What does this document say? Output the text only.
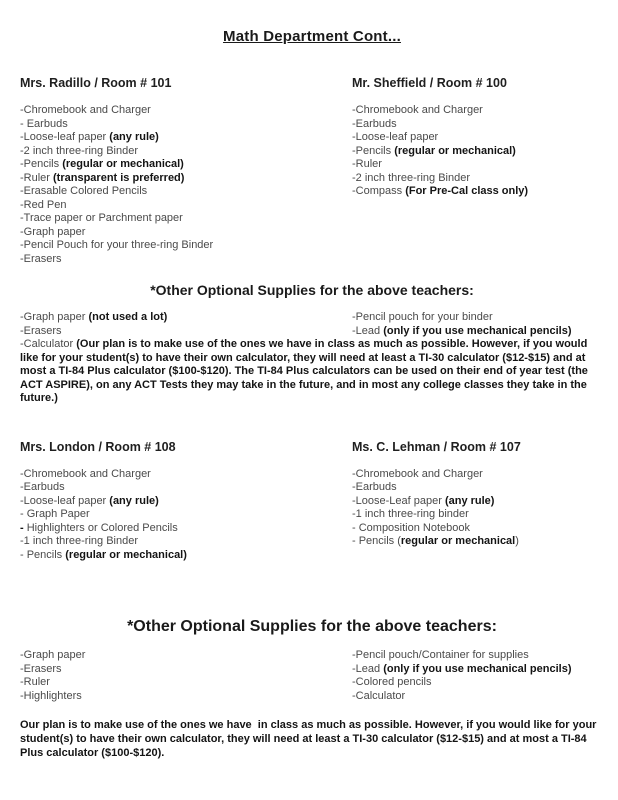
Math Department Cont...
Mrs. Radillo / Room # 101
-Chromebook and Charger
- Earbuds
-Loose-leaf paper (any rule)
-2 inch three-ring Binder
-Pencils (regular or mechanical)
-Ruler (transparent is preferred)
-Erasable Colored Pencils
-Red Pen
-Trace paper or Parchment paper
-Graph paper
-Pencil Pouch for your three-ring Binder
-Erasers
Mr. Sheffield / Room # 100
-Chromebook and Charger
-Earbuds
-Loose-leaf paper
-Pencils (regular or mechanical)
-Ruler
-2 inch three-ring Binder
-Compass (For Pre-Cal class only)
*Other Optional Supplies for the above teachers:
-Graph paper (not used a lot)
-Erasers
-Pencil pouch for your binder
-Lead (only if you use mechanical pencils)

-Calculator (Our plan is to make use of the ones we have in class as much as possible. However, if you would like for your student(s) to have their own calculator, they will need at least a TI-30 calculator ($12-$15) and at most a TI-84 Plus calculator ($100-$120). The TI-84 Plus calculators can be used on their end of year test (the ACT ASPIRE), on any ACT Tests they may take in the future, and in most any college classes they take in the future.)

Mrs. London / Room # 108
-Chromebook and Charger
-Earbuds
-Loose-leaf paper (any rule)
- Graph Paper
- Highlighters or Colored Pencils
-1 inch three-ring Binder
- Pencils (regular or mechanical)
Ms. C. Lehman / Room # 107
-Chromebook and Charger
-Earbuds
-Loose-Leaf paper (any rule)
-1 inch three-ring binder
- Composition Notebook
- Pencils (regular or mechanical)
*Other Optional Supplies for the above teachers:
-Graph paper
-Erasers
-Ruler
-Highlighters
-Pencil pouch/Container for supplies
-Lead (only if you use mechanical pencils)
-Colored pencils
-Calculator

Our plan is to make use of the ones we have  in class as much as possible. However, if you would like for your student(s) to have their own calculator, they will need at least a TI-30 calculator ($12-$15) and at most a TI-84 Plus calculator ($100-$120).
